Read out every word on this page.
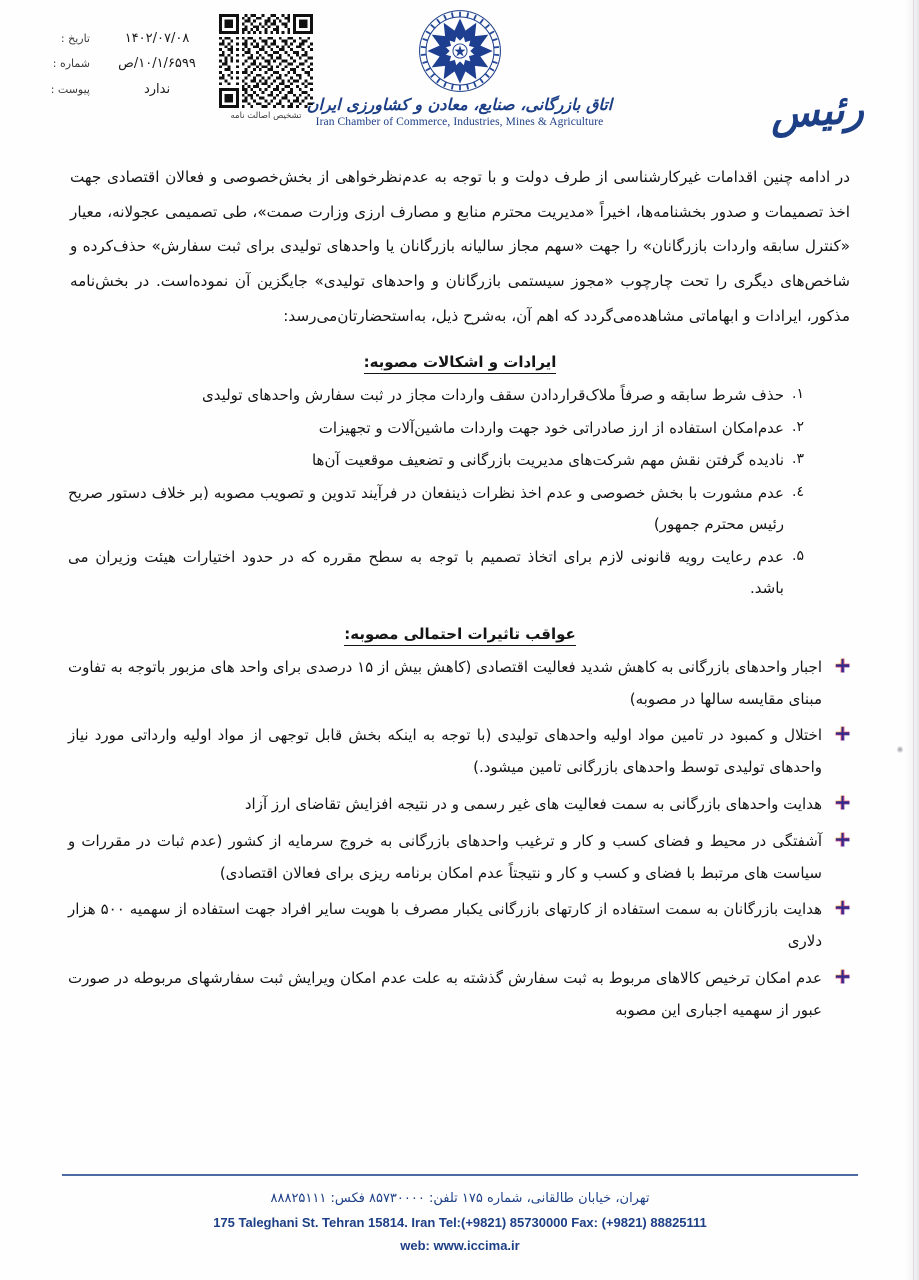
۱۴۰۲/۰۷/۰۸
تاریخ :
۱۰/۱/۶۵۹۹/ص
شماره :
ندارد
پیوست :
تشخیص اصالت نامه
اتاق بازرگانی، صنایع، معادن و کشاورزی ایران
Iran Chamber of Commerce, Industries, Mines & Agriculture	رئیس

در ادامه چنین اقدامات غیرکارشناسی از طرف دولت و با توجه به عدم‌نظرخواهی از بخش‌خصوصی و فعالان اقتصادی جهت اخذ تصمیمات و صدور بخشنامه‌ها، اخیراً «مدیریت محترم منابع و مصارف ارزی وزارت صمت»، طی تصمیمی عجولانه، معیار «کنترل سابقه واردات بازرگانان» را جهت «سهم مجاز سالیانه بازرگانان یا واحدهای تولیدی برای ثبت سفارش» حذف‌کرده و شاخص‌های دیگری را تحت چارچوب «مجوز سیستمی بازرگانان و واحدهای تولیدی» جایگزین آن نموده‌است. در بخش‌نامه مذکور، ایرادات و ابهاماتی مشاهده‌می‌گردد که اهم آن، به‌شرح ذیل، به‌استحضارتان‌می‌رسد:

ایرادات و اشکالات مصوبه:
۱.
حذف شرط سابقه و صرفاً ملاک‌قراردادن سقف واردات مجاز در ثبت سفارش واحدهای تولیدی
۲.
عدم‌امکان استفاده از ارز صادراتی خود جهت واردات ماشین‌آلات و تجهیزات
۳.
نادیده گرفتن نقش مهم شرکت‌های مدیریت بازرگانی و تضعیف موقعیت آن‌ها
٤.
عدم مشورت با بخش خصوصی و عدم اخذ نظرات ذینفعان در فرآیند تدوین و تصویب مصوبه (بر خلاف دستور صریح رئیس محترم جمهور)
۵.
عدم رعایت رویه قانونی لازم برای اتخاذ تصمیم با توجه به سطح مقرره که در حدود اختیارات هیئت وزیران می باشد.
عواقب تاثیرات احتمالی مصوبه:
اجبار واحدهای بازرگانی به کاهش شدید فعالیت اقتصادی (کاهش بیش از ۱۵ درصدی برای واحد های مزبور باتوجه به تفاوت مبنای مقایسه سالها در مصوبه)
اختلال و کمبود در تامین مواد اولیه واحدهای تولیدی (با توجه به اینکه بخش قابل توجهی از مواد اولیه وارداتی مورد نیاز واحدهای تولیدی توسط واحدهای بازرگانی تامین میشود.)
هدایت واحدهای بازرگانی به سمت فعالیت های غیر رسمی و در نتیجه افزایش تقاضای ارز آزاد
آشفتگی در محیط و فضای کسب و کار و ترغیب واحدهای بازرگانی به خروج سرمایه از کشور (عدم ثبات در مقررات و سیاست های مرتبط با فضای و کسب و کار و نتیجتاً عدم امکان برنامه ریزی برای فعالان اقتصادی)
هدایت بازرگانان به سمت استفاده از کارتهای بازرگانی یکبار مصرف با هویت سایر افراد جهت استفاده از سهمیه ۵۰۰ هزار دلاری
عدم امکان ترخیص کالاهای مربوط به ثبت سفارش گذشته به علت عدم امکان ویرایش ثبت سفارشهای مربوطه در صورت عبور از سهمیه اجباری این مصوبه
تهران، خیابان طالقانی، شماره ۱۷۵ تلفن: ۸۵۷۳۰۰۰۰ فکس: ۸۸۸۲۵۱۱۱
175 Taleghani St. Tehran 15814. Iran Tel:(+9821) 85730000 Fax: (+9821) 88825111
web: www.iccima.ir
